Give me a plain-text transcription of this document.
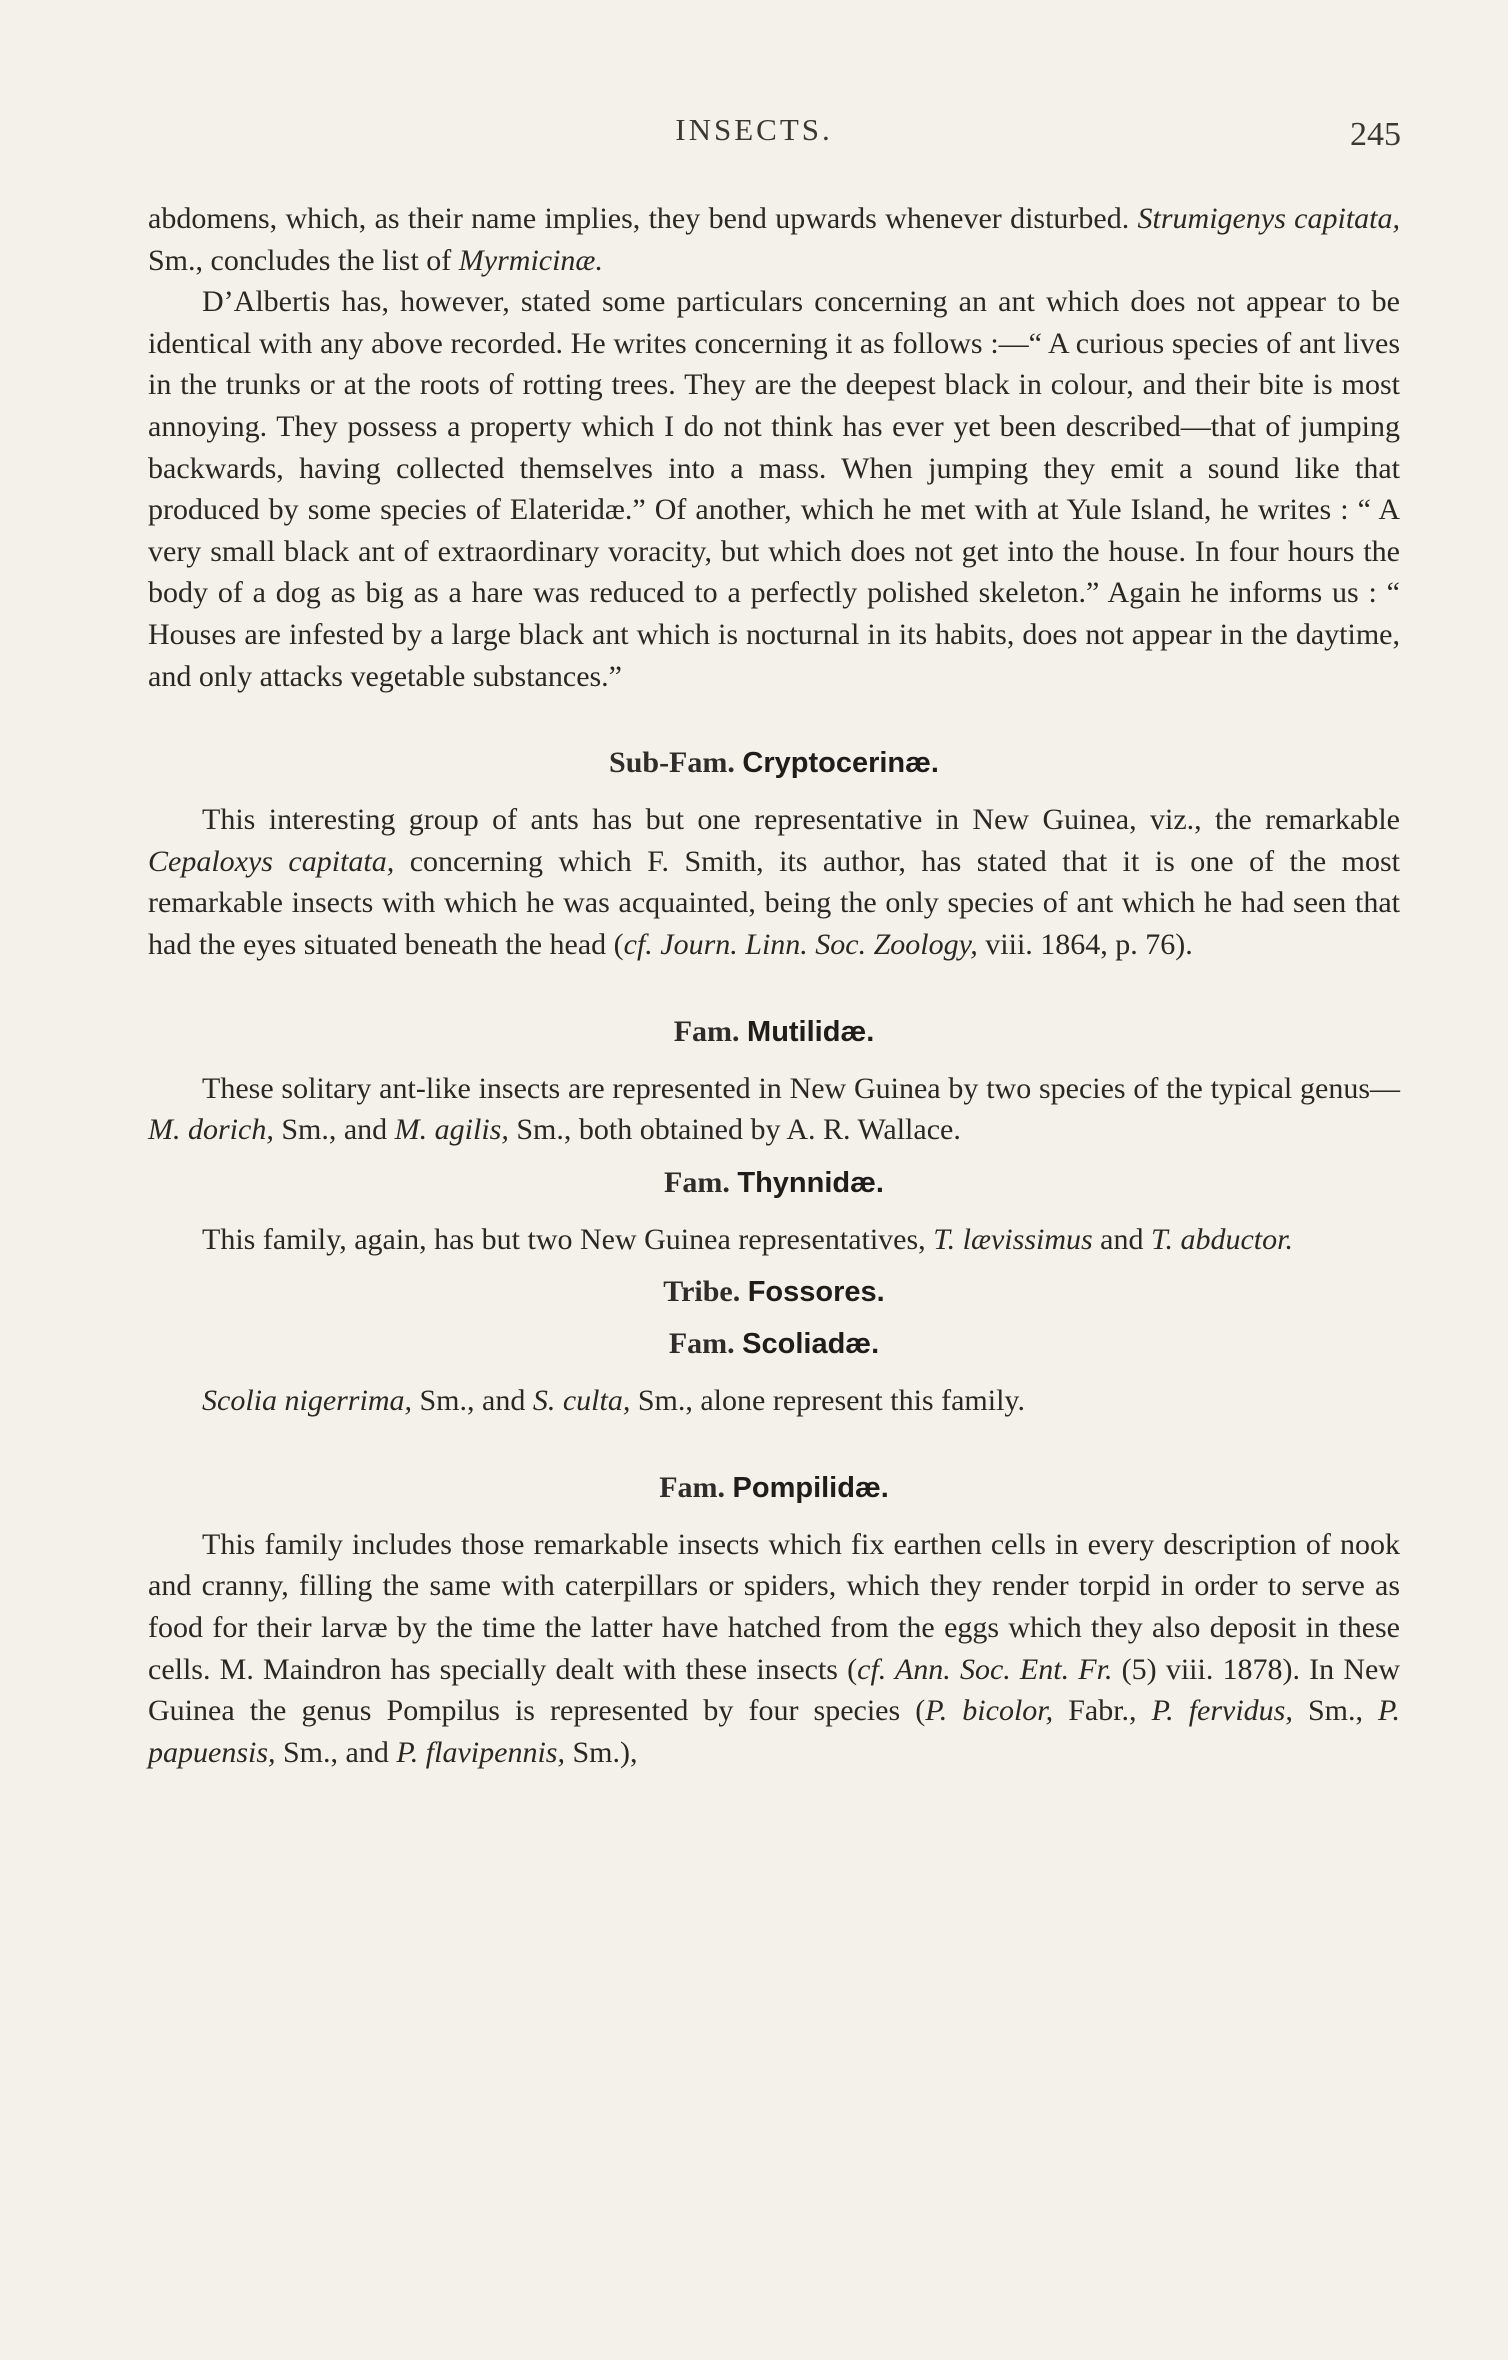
INSECTS.	245

abdomens, which, as their name implies, they bend upwards whenever disturbed. Strumigenys capitata, Sm., concludes the list of Myrmicinæ.

D’Albertis has, however, stated some particulars concerning an ant which does not appear to be identical with any above recorded. He writes concerning it as follows :—“ A curious species of ant lives in the trunks or at the roots of rotting trees. They are the deepest black in colour, and their bite is most annoying. They possess a property which I do not think has ever yet been described—that of jumping backwards, having collected themselves into a mass. When jumping they emit a sound like that produced by some species of Elateridæ.” Of another, which he met with at Yule Island, he writes : “ A very small black ant of extraordinary voracity, but which does not get into the house. In four hours the body of a dog as big as a hare was reduced to a perfectly polished skeleton.” Again he informs us : “ Houses are infested by a large black ant which is nocturnal in its habits, does not appear in the daytime, and only attacks vegetable substances.”

Sub-Fam. Cryptocerinæ.

This interesting group of ants has but one representative in New Guinea, viz., the remarkable Cepaloxys capitata, concerning which F. Smith, its author, has stated that it is one of the most remarkable insects with which he was acquainted, being the only species of ant which he had seen that had the eyes situated beneath the head (cf. Journ. Linn. Soc. Zoology, viii. 1864, p. 76).

Fam. Mutilidæ.

These solitary ant-like insects are represented in New Guinea by two species of the typical genus—M. dorich, Sm., and M. agilis, Sm., both obtained by A. R. Wallace.

Fam. Thynnidæ.

This family, again, has but two New Guinea representatives, T. lævissimus and T. abductor.

Tribe. Fossores.
Fam. Scoliadæ.

Scolia nigerrima, Sm., and S. culta, Sm., alone represent this family.

Fam. Pompilidæ.

This family includes those remarkable insects which fix earthen cells in every description of nook and cranny, filling the same with caterpillars or spiders, which they render torpid in order to serve as food for their larvæ by the time the latter have hatched from the eggs which they also deposit in these cells. M. Maindron has specially dealt with these insects (cf. Ann. Soc. Ent. Fr. (5) viii. 1878). In New Guinea the genus Pompilus is represented by four species (P. bicolor, Fabr., P. fervidus, Sm., P. papuensis, Sm., and P. flavipennis, Sm.),
